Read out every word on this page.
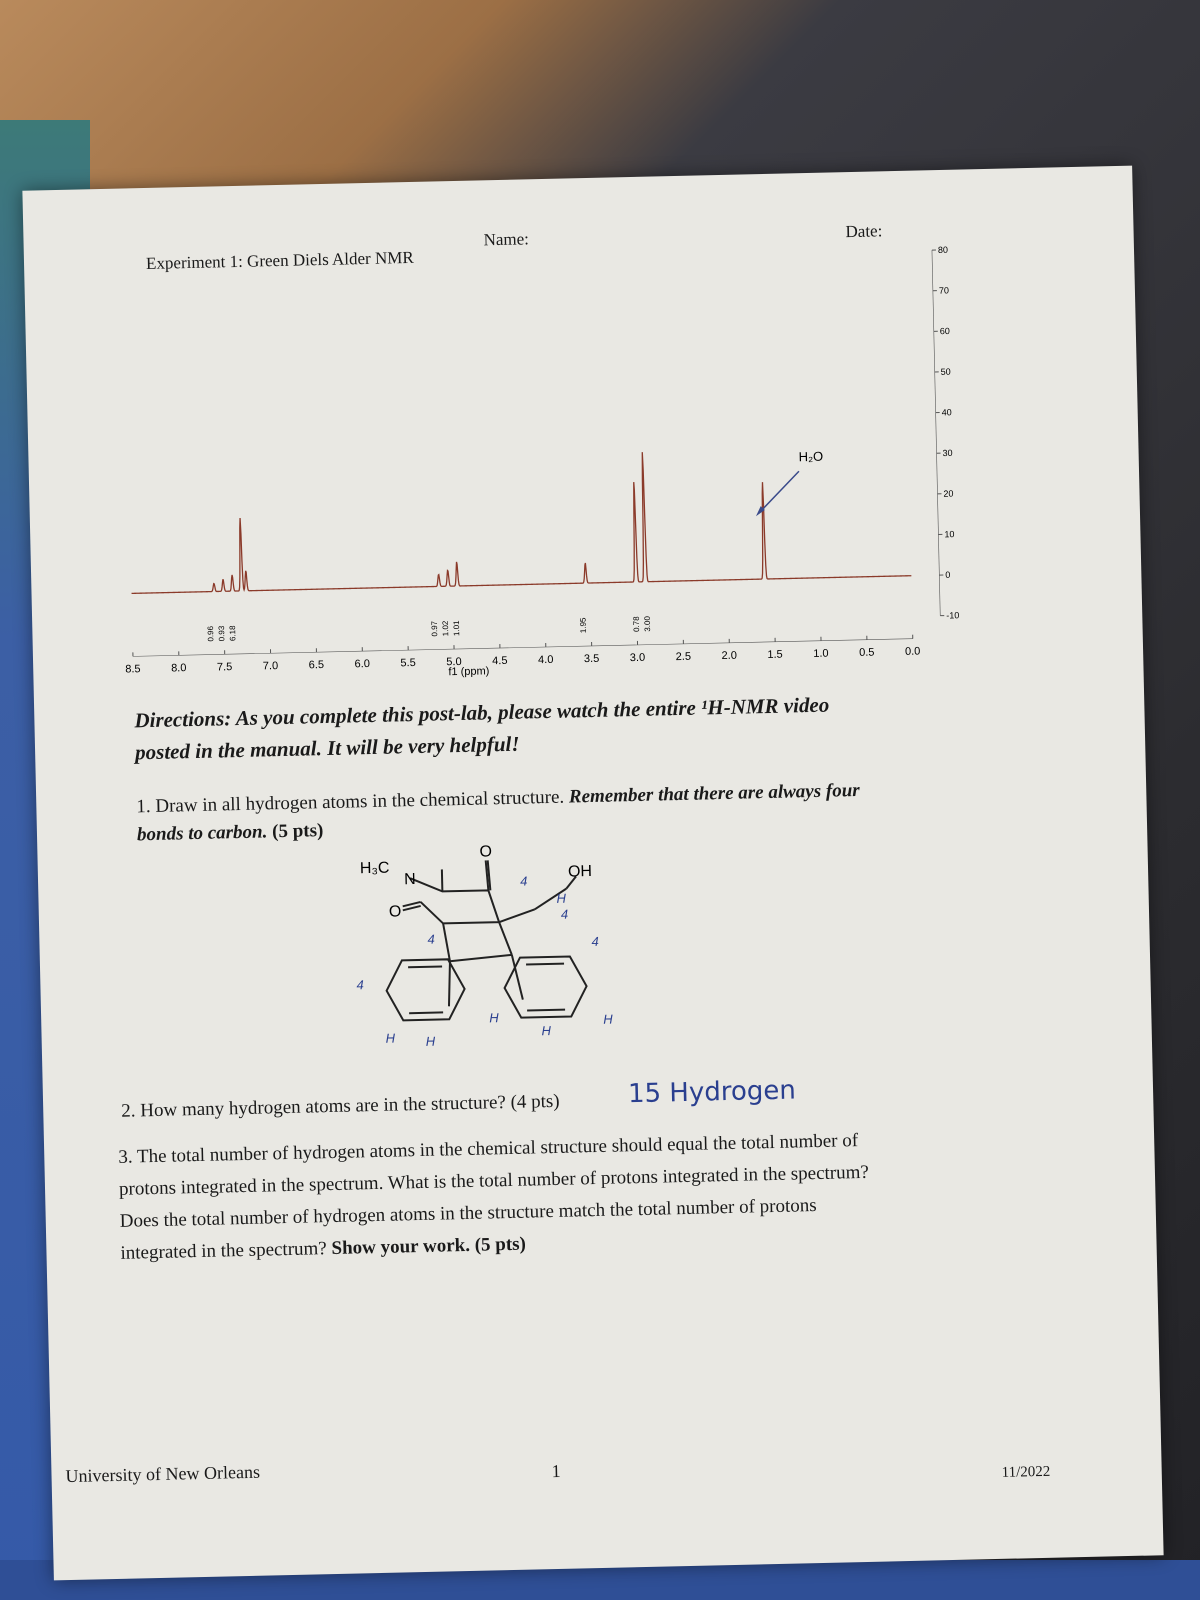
Experiment 1: Green Diels Alder NMR
Name:	Date:
8.5	8.0	7.5	7.0	6.5	6.0	5.5	5.0	4.5	4.0	3.5	3.0	2.5	2.0	1.5	1.0	0.5	0.0
80
70
60
50
40
30
20
10
0
-10
0.96 0.93 6.18	0.97 1.02 1.01	1.95	0.78 3.00
f1 (ppm)
H₂O
Directions: As you complete this post-lab, please watch the entire ¹H-NMR video
posted in the manual. It will be very helpful!
1. Draw in all hydrogen atoms in the chemical structure. Remember that there are always four
bonds to carbon. (5 pts)
H₃C
N
O
O
OH
4
4
H H
H
H
H
4
4
H
4
2. How many hydrogen atoms are in the structure? (4 pts)	15 Hydrogen
3. The total number of hydrogen atoms in the chemical structure should equal the total number of
protons integrated in the spectrum. What is the total number of protons integrated in the spectrum?
Does the total number of hydrogen atoms in the structure match the total number of protons
integrated in the spectrum? Show your work. (5 pts)
University of New Orleans	1	11/2022
